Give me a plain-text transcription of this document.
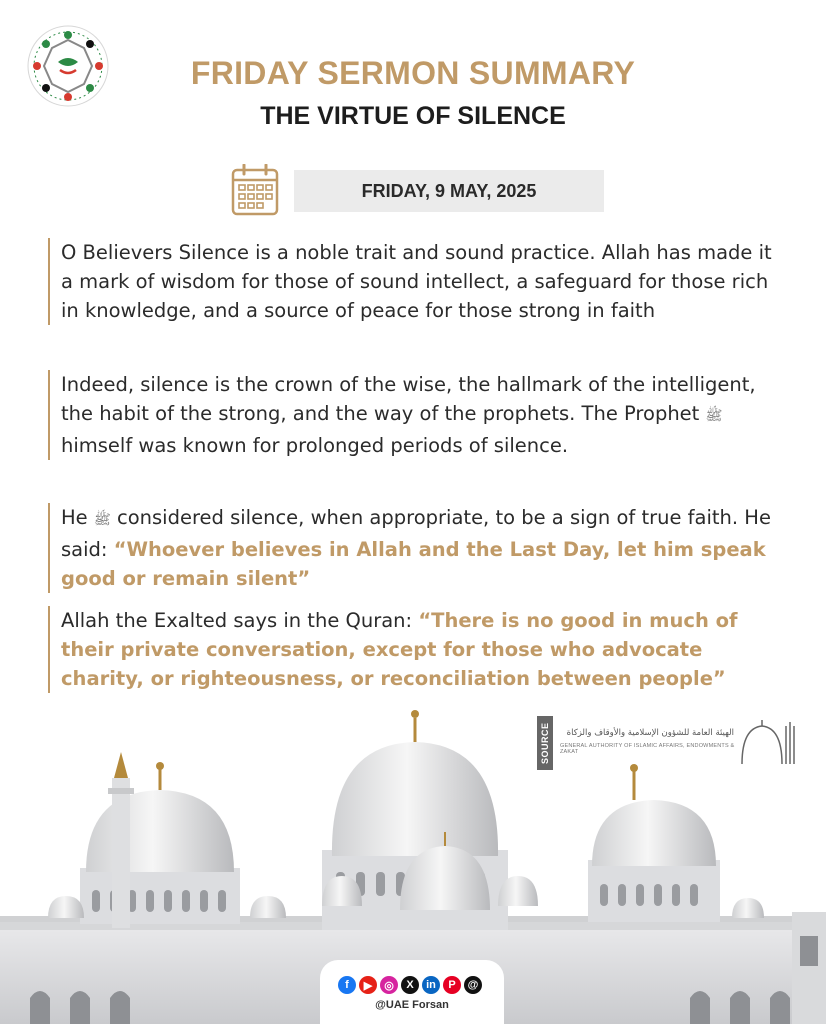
FRIDAY SERMON SUMMARY
THE VIRTUE OF SILENCE
FRIDAY, 9 MAY, 2025
O Believers Silence is a noble trait and sound practice. Allah has made it a mark of wisdom for those of sound intellect, a safeguard for those rich in knowledge, and a source of peace for those strong in faith
Indeed, silence is the crown of the wise, the hallmark of the intelligent, the habit of the strong, and the way of the prophets. The Prophet ﷺ himself was known for prolonged periods of silence.
He ﷺ considered silence, when appropriate, to be a sign of true faith. He said: “Whoever believes in Allah and the Last Day, let him speak good or remain silent”
Allah the Exalted says in the Quran: “There is no good in much of their private conversation, except for those who advocate charity, or righteousness, or reconciliation between people”
SOURCE	الهيئة العامة للشؤون الإسلامية والأوقاف والزكاة
GENERAL AUTHORITY OF ISLAMIC AFFAIRS, ENDOWMENTS & ZAKAT
f	▶	◎	X	in	P	@
@UAE Forsan
